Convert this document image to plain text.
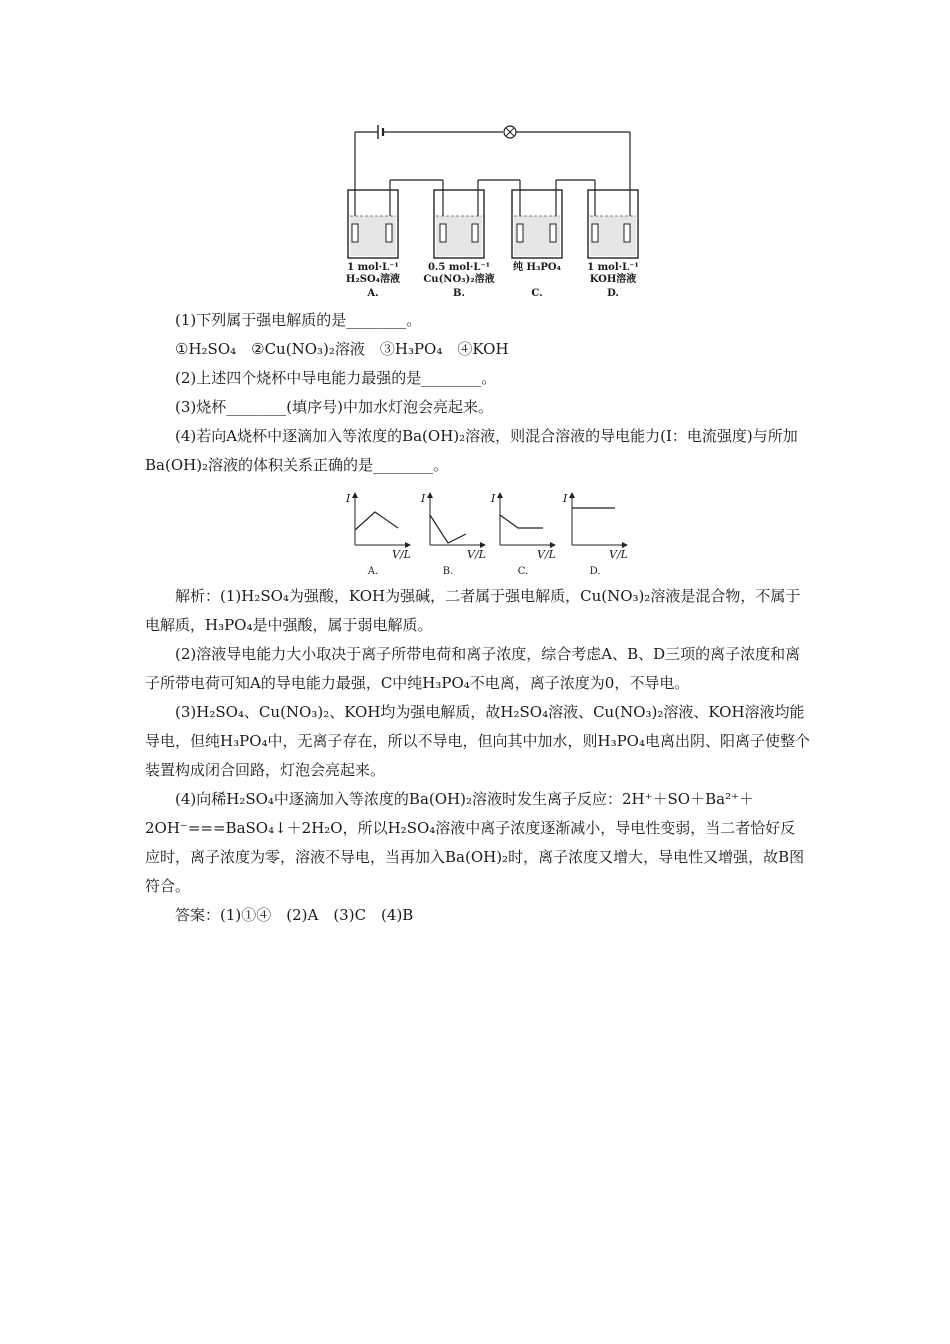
1 mol·L⁻¹
H₂SO₄溶液
A.
0.5 mol·L⁻¹
Cu(NO₃)₂溶液
B.
纯 H₃PO₄
C.
1 mol·L⁻¹
KOH溶液
D.

(1)下列属于强电解质的是________。

①H₂SO₄　②Cu(NO₃)₂溶液　③H₃PO₄　④KOH

(2)上述四个烧杯中导电能力最强的是________。

(3)烧杯________(填序号)中加水灯泡会亮起来。

(4)若向A烧杯中逐滴加入等浓度的Ba(OH)₂溶液，则混合溶液的导电能力(I：电流强度)与所加Ba(OH)₂溶液的体积关系正确的是________。

I
V/L
A.
I
V/L
B.
I
V/L
C.
I
V/L
D.

解析：(1)H₂SO₄为强酸，KOH为强碱，二者属于强电解质，Cu(NO₃)₂溶液是混合物，不属于电解质，H₃PO₄是中强酸，属于弱电解质。

(2)溶液导电能力大小取决于离子所带电荷和离子浓度，综合考虑A、B、D三项的离子浓度和离子所带电荷可知A的导电能力最强，C中纯H₃PO₄不电离，离子浓度为0，不导电。

(3)H₂SO₄、Cu(NO₃)₂、KOH均为强电解质，故H₂SO₄溶液、Cu(NO₃)₂溶液、KOH溶液均能导电，但纯H₃PO₄中，无离子存在，所以不导电，但向其中加水，则H₃PO₄电离出阴、阳离子使整个装置构成闭合回路，灯泡会亮起来。

(4)向稀H₂SO₄中逐滴加入等浓度的Ba(OH)₂溶液时发生离子反应：2H⁺＋SO＋Ba²⁺＋2OH⁻===BaSO₄↓＋2H₂O，所以H₂SO₄溶液中离子浓度逐渐减小，导电性变弱，当二者恰好反应时，离子浓度为零，溶液不导电，当再加入Ba(OH)₂时，离子浓度又增大，导电性又增强，故B图符合。

答案：(1)①④　(2)A　(3)C　(4)B
